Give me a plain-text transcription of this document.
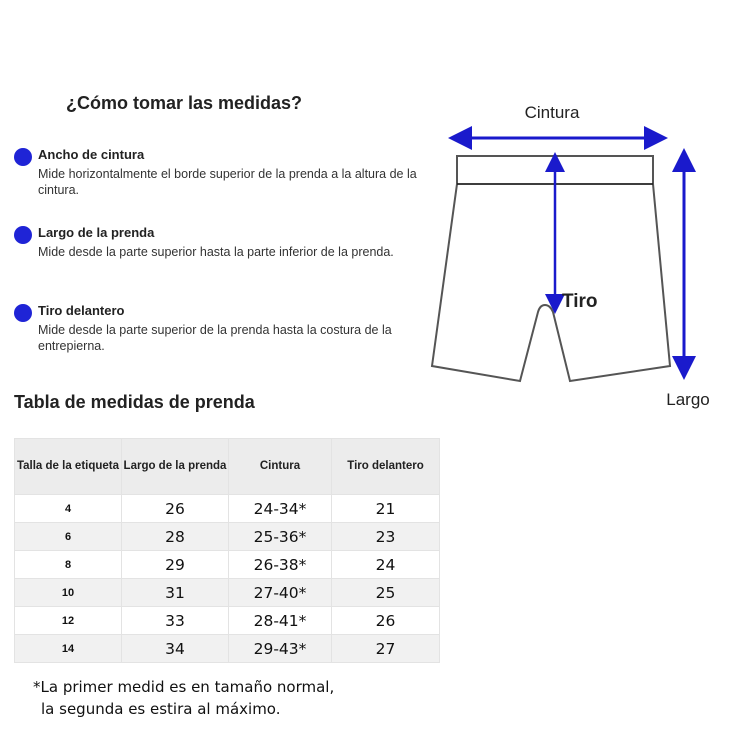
¿Cómo tomar las medidas?
Ancho de cintura
Mide horizontalmente el borde superior de la prenda a la altura de la cintura.
Largo de la prenda
Mide desde la parte superior hasta la parte inferior de la prenda.
Tiro delantero
Mide desde la parte superior de la prenda hasta la costura de la entrepierna.
Cintura
Tiro
Largo
Tabla de medidas de prenda
Talla de la etiqueta	Largo de la prenda	Cintura	Tiro delantero
4	26	24-34*	21
6	28	25-36*	23
8	29	26-38*	24
10	31	27-40*	25
12	33	28-41*	26
14	34	29-43*	27
*La primer medid es en tamaño normal,
la segunda es estira al máximo.
